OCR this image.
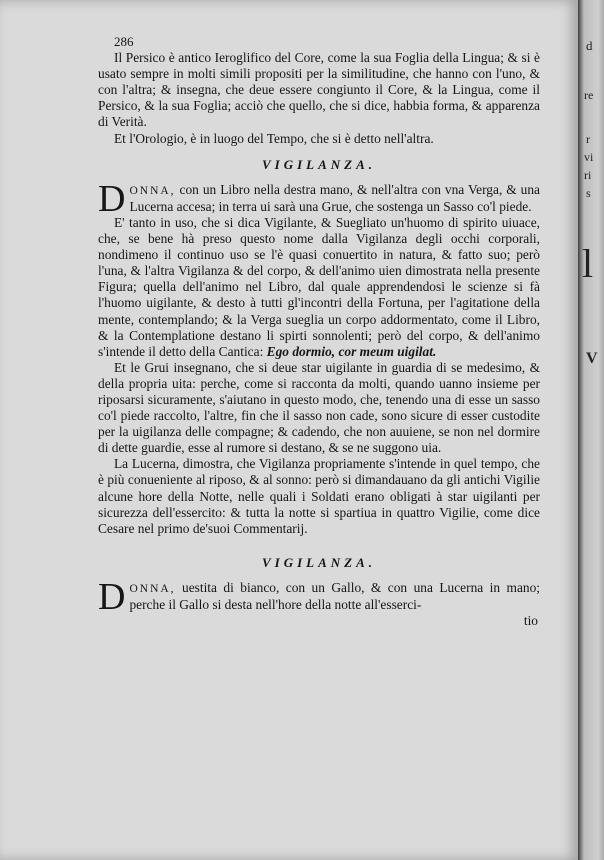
d
re
r
vi
ri
s
l
V
286

Il Persico è antico Ieroglifico del Core, come la sua Foglia della Lingua; & si è usato sempre in molti simili propositi per la similitudine, che hanno con l'uno, & con l'altra; & insegna, che deue essere congiunto il Core, & la Lingua, come il Persico, & la sua Foglia; acciò che quello, che si dice, habbia forma, & apparenza di Verità.

Et l'Orologio, è in luogo del Tempo, che si è detto nell'altra.

VIGILANZA.

DONNA, con un Libro nella destra mano, & nell'altra con vna Verga, & una Lucerna accesa; in terra ui sarà una Grue, che sostenga un Sasso co'l piede.

E' tanto in uso, che si dica Vigilante, & Suegliato un'huomo di spirito uiuace, che, se bene hà preso questo nome dalla Vigilanza degli occhi corporali, nondimeno il continuo uso se l'è quasi conuertito in natura, & fatto suo; però l'una, & l'altra Vigilanza & del corpo, & dell'animo uien dimostrata nella presente Figura; quella dell'animo nel Libro, dal quale apprendendosi le scienze si fà l'huomo uigilante, & desto à tutti gl'incontri della Fortuna, per l'agitatione della mente, contemplando; & la Verga sueglia un corpo addormentato, come il Libro, & la Contemplatione destano li spirti sonnolenti; però del corpo, & dell'animo s'intende il detto della Cantica: Ego dormio, cor meum uigilat.

Et le Grui insegnano, che si deue star uigilante in guardia di se medesimo, & della propria uita: perche, come si racconta da molti, quando uanno insieme per riposarsi sicuramente, s'aiutano in questo modo, che, tenendo una di esse un sasso co'l piede raccolto, l'altre, fin che il sasso non cade, sono sicure di esser custodite per la uigilanza delle compagne; & cadendo, che non auuiene, se non nel dormire di dette guardie, esse al rumore si destano, & se ne suggono uia.

La Lucerna, dimostra, che Vigilanza propriamente s'intende in quel tempo, che è più conueniente al riposo, & al sonno: però si dimandauano da gli antichi Vigilie alcune hore della Notte, nelle quali i Soldati erano obligati à star uigilanti per sicurezza dell'essercito: & tutta la notte si spartiua in quattro Vigilie, come dice Cesare nel primo de'suoi Commentarij.

VIGILANZA.

DONNA, uestita di bianco, con un Gallo, & con una Lucerna in mano; perche il Gallo si desta nell'hore della notte all'esserci-

tio
